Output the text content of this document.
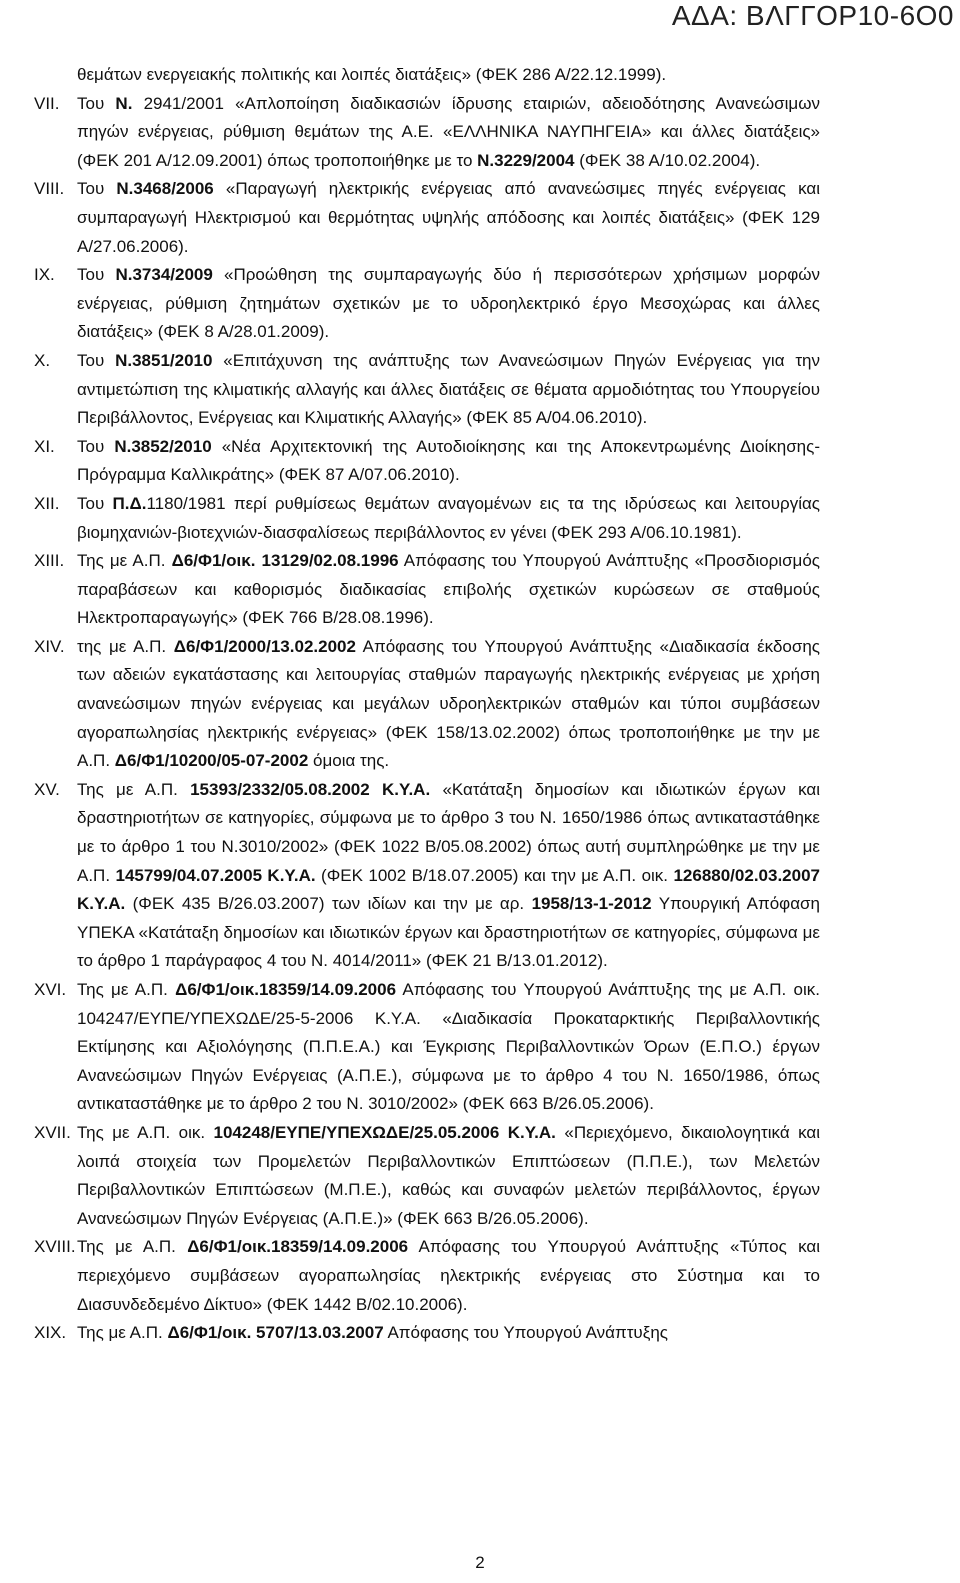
ΑΔΑ: ΒΛΓΓΟΡ10-6Ο0

θεμάτων ενεργειακής πολιτικής και λοιπές διατάξεις» (ΦΕΚ 286 Α/22.12.1999).

VII. Του Ν. 2941/2001 «Απλοποίηση διαδικασιών ίδρυσης εταιριών, αδειοδότησης Ανανεώσιμων πηγών ενέργειας, ρύθμιση θεμάτων της Α.Ε. «ΕΛΛΗΝΙΚΑ ΝΑΥΠΗΓΕΙΑ» και άλλες διατάξεις» (ΦΕΚ 201 Α/12.09.2001) όπως τροποποιήθηκε με το Ν.3229/2004 (ΦΕΚ 38 Α/10.02.2004).

VIII. Του Ν.3468/2006 «Παραγωγή ηλεκτρικής ενέργειας από ανανεώσιμες πηγές ενέργειας και συμπαραγωγή Ηλεκτρισμού και θερμότητας υψηλής απόδοσης και λοιπές διατάξεις» (ΦΕΚ 129 Α/27.06.2006).

IX. Του Ν.3734/2009 «Προώθηση της συμπαραγωγής δύο ή περισσότερων χρήσιμων μορφών ενέργειας, ρύθμιση ζητημάτων σχετικών με το υδροηλεκτρικό έργο Μεσοχώρας και άλλες διατάξεις» (ΦΕΚ 8 Α/28.01.2009).

X. Του Ν.3851/2010 «Επιτάχυνση της ανάπτυξης των Ανανεώσιμων Πηγών Ενέργειας για την αντιμετώπιση της κλιματικής αλλαγής και άλλες διατάξεις σε θέματα αρμοδιότητας του Υπουργείου Περιβάλλοντος, Ενέργειας και Κλιματικής Αλλαγής» (ΦΕΚ 85 Α/04.06.2010).

XI. Του Ν.3852/2010 «Νέα Αρχιτεκτονική της Αυτοδιοίκησης και της Αποκεντρωμένης Διοίκησης- Πρόγραμμα Καλλικράτης» (ΦΕΚ 87 Α/07.06.2010).

XII. Του Π.Δ.1180/1981 περί ρυθμίσεως θεμάτων αναγομένων εις τα της ιδρύσεως και λειτουργίας βιομηχανιών-βιοτεχνιών-διασφαλίσεως περιβάλλοντος εν γένει (ΦΕΚ 293 Α/06.10.1981).

XIII. Της με Α.Π. Δ6/Φ1/οικ. 13129/02.08.1996 Απόφασης του Υπουργού Ανάπτυξης «Προσδιορισμός παραβάσεων και καθορισμός διαδικασίας επιβολής σχετικών κυρώσεων σε σταθμούς Ηλεκτροπαραγωγής» (ΦΕΚ 766 Β/28.08.1996).

XIV. της με Α.Π. Δ6/Φ1/2000/13.02.2002 Απόφασης του Υπουργού Ανάπτυξης «Διαδικασία έκδοσης των αδειών εγκατάστασης και λειτουργίας σταθμών παραγωγής ηλεκτρικής ενέργειας με χρήση ανανεώσιμων πηγών ενέργειας και μεγάλων υδροηλεκτρικών σταθμών και τύποι συμβάσεων αγοραπωλησίας ηλεκτρικής ενέργειας» (ΦΕΚ 158/13.02.2002) όπως τροποποιήθηκε με την με Α.Π. Δ6/Φ1/10200/05-07-2002 όμοια της.

XV. Της με Α.Π. 15393/2332/05.08.2002 Κ.Υ.Α. «Κατάταξη δημοσίων και ιδιωτικών έργων και δραστηριοτήτων σε κατηγορίες, σύμφωνα με το άρθρο 3 του Ν. 1650/1986 όπως αντικαταστάθηκε με το άρθρο 1 του Ν.3010/2002» (ΦΕΚ 1022 Β/05.08.2002) όπως αυτή συμπληρώθηκε με την με Α.Π. 145799/04.07.2005 Κ.Υ.Α. (ΦΕΚ 1002 Β/18.07.2005) και την με Α.Π. οικ. 126880/02.03.2007 Κ.Υ.Α. (ΦΕΚ 435 Β/26.03.2007) των ιδίων και την με αρ. 1958/13-1-2012 Υπουργική Απόφαση ΥΠΕΚΑ «Κατάταξη δημοσίων και ιδιωτικών έργων και δραστηριοτήτων σε κατηγορίες, σύμφωνα με το άρθρο 1 παράγραφος 4 του Ν. 4014/2011» (ΦΕΚ 21 Β/13.01.2012).

XVI. Της με Α.Π. Δ6/Φ1/οικ.18359/14.09.2006 Απόφασης του Υπουργού Ανάπτυξης της με Α.Π. οικ. 104247/ΕΥΠΕ/ΥΠΕΧΩΔΕ/25-5-2006 Κ.Υ.Α. «Διαδικασία Προκαταρκτικής Περιβαλλοντικής Εκτίμησης και Αξιολόγησης (Π.Π.Ε.Α.) και Έγκρισης Περιβαλλοντικών Όρων (Ε.Π.Ο.) έργων Ανανεώσιμων Πηγών Ενέργειας (Α.Π.Ε.), σύμφωνα με το άρθρο 4 του Ν. 1650/1986, όπως αντικαταστάθηκε με το άρθρο 2 του Ν. 3010/2002» (ΦΕΚ 663 Β/26.05.2006).

XVII. Της με Α.Π. οικ. 104248/ΕΥΠΕ/ΥΠΕΧΩΔΕ/25.05.2006 Κ.Υ.Α. «Περιεχόμενο, δικαιολογητικά και λοιπά στοιχεία των Προμελετών Περιβαλλοντικών Επιπτώσεων (Π.Π.Ε.), των Μελετών Περιβαλλοντικών Επιπτώσεων (Μ.Π.Ε.), καθώς και συναφών μελετών περιβάλλοντος, έργων Ανανεώσιμων Πηγών Ενέργειας (Α.Π.Ε.)» (ΦΕΚ 663 Β/26.05.2006).

XVIII. Της με Α.Π. Δ6/Φ1/οικ.18359/14.09.2006 Απόφασης του Υπουργού Ανάπτυξης «Τύπος και περιεχόμενο συμβάσεων αγοραπωλησίας ηλεκτρικής ενέργειας στο Σύστημα και το Διασυνδεδεμένο Δίκτυο» (ΦΕΚ 1442 Β/02.10.2006).

XIX. Της με Α.Π. Δ6/Φ1/οικ. 5707/13.03.2007 Απόφασης του Υπουργού Ανάπτυξης

2
